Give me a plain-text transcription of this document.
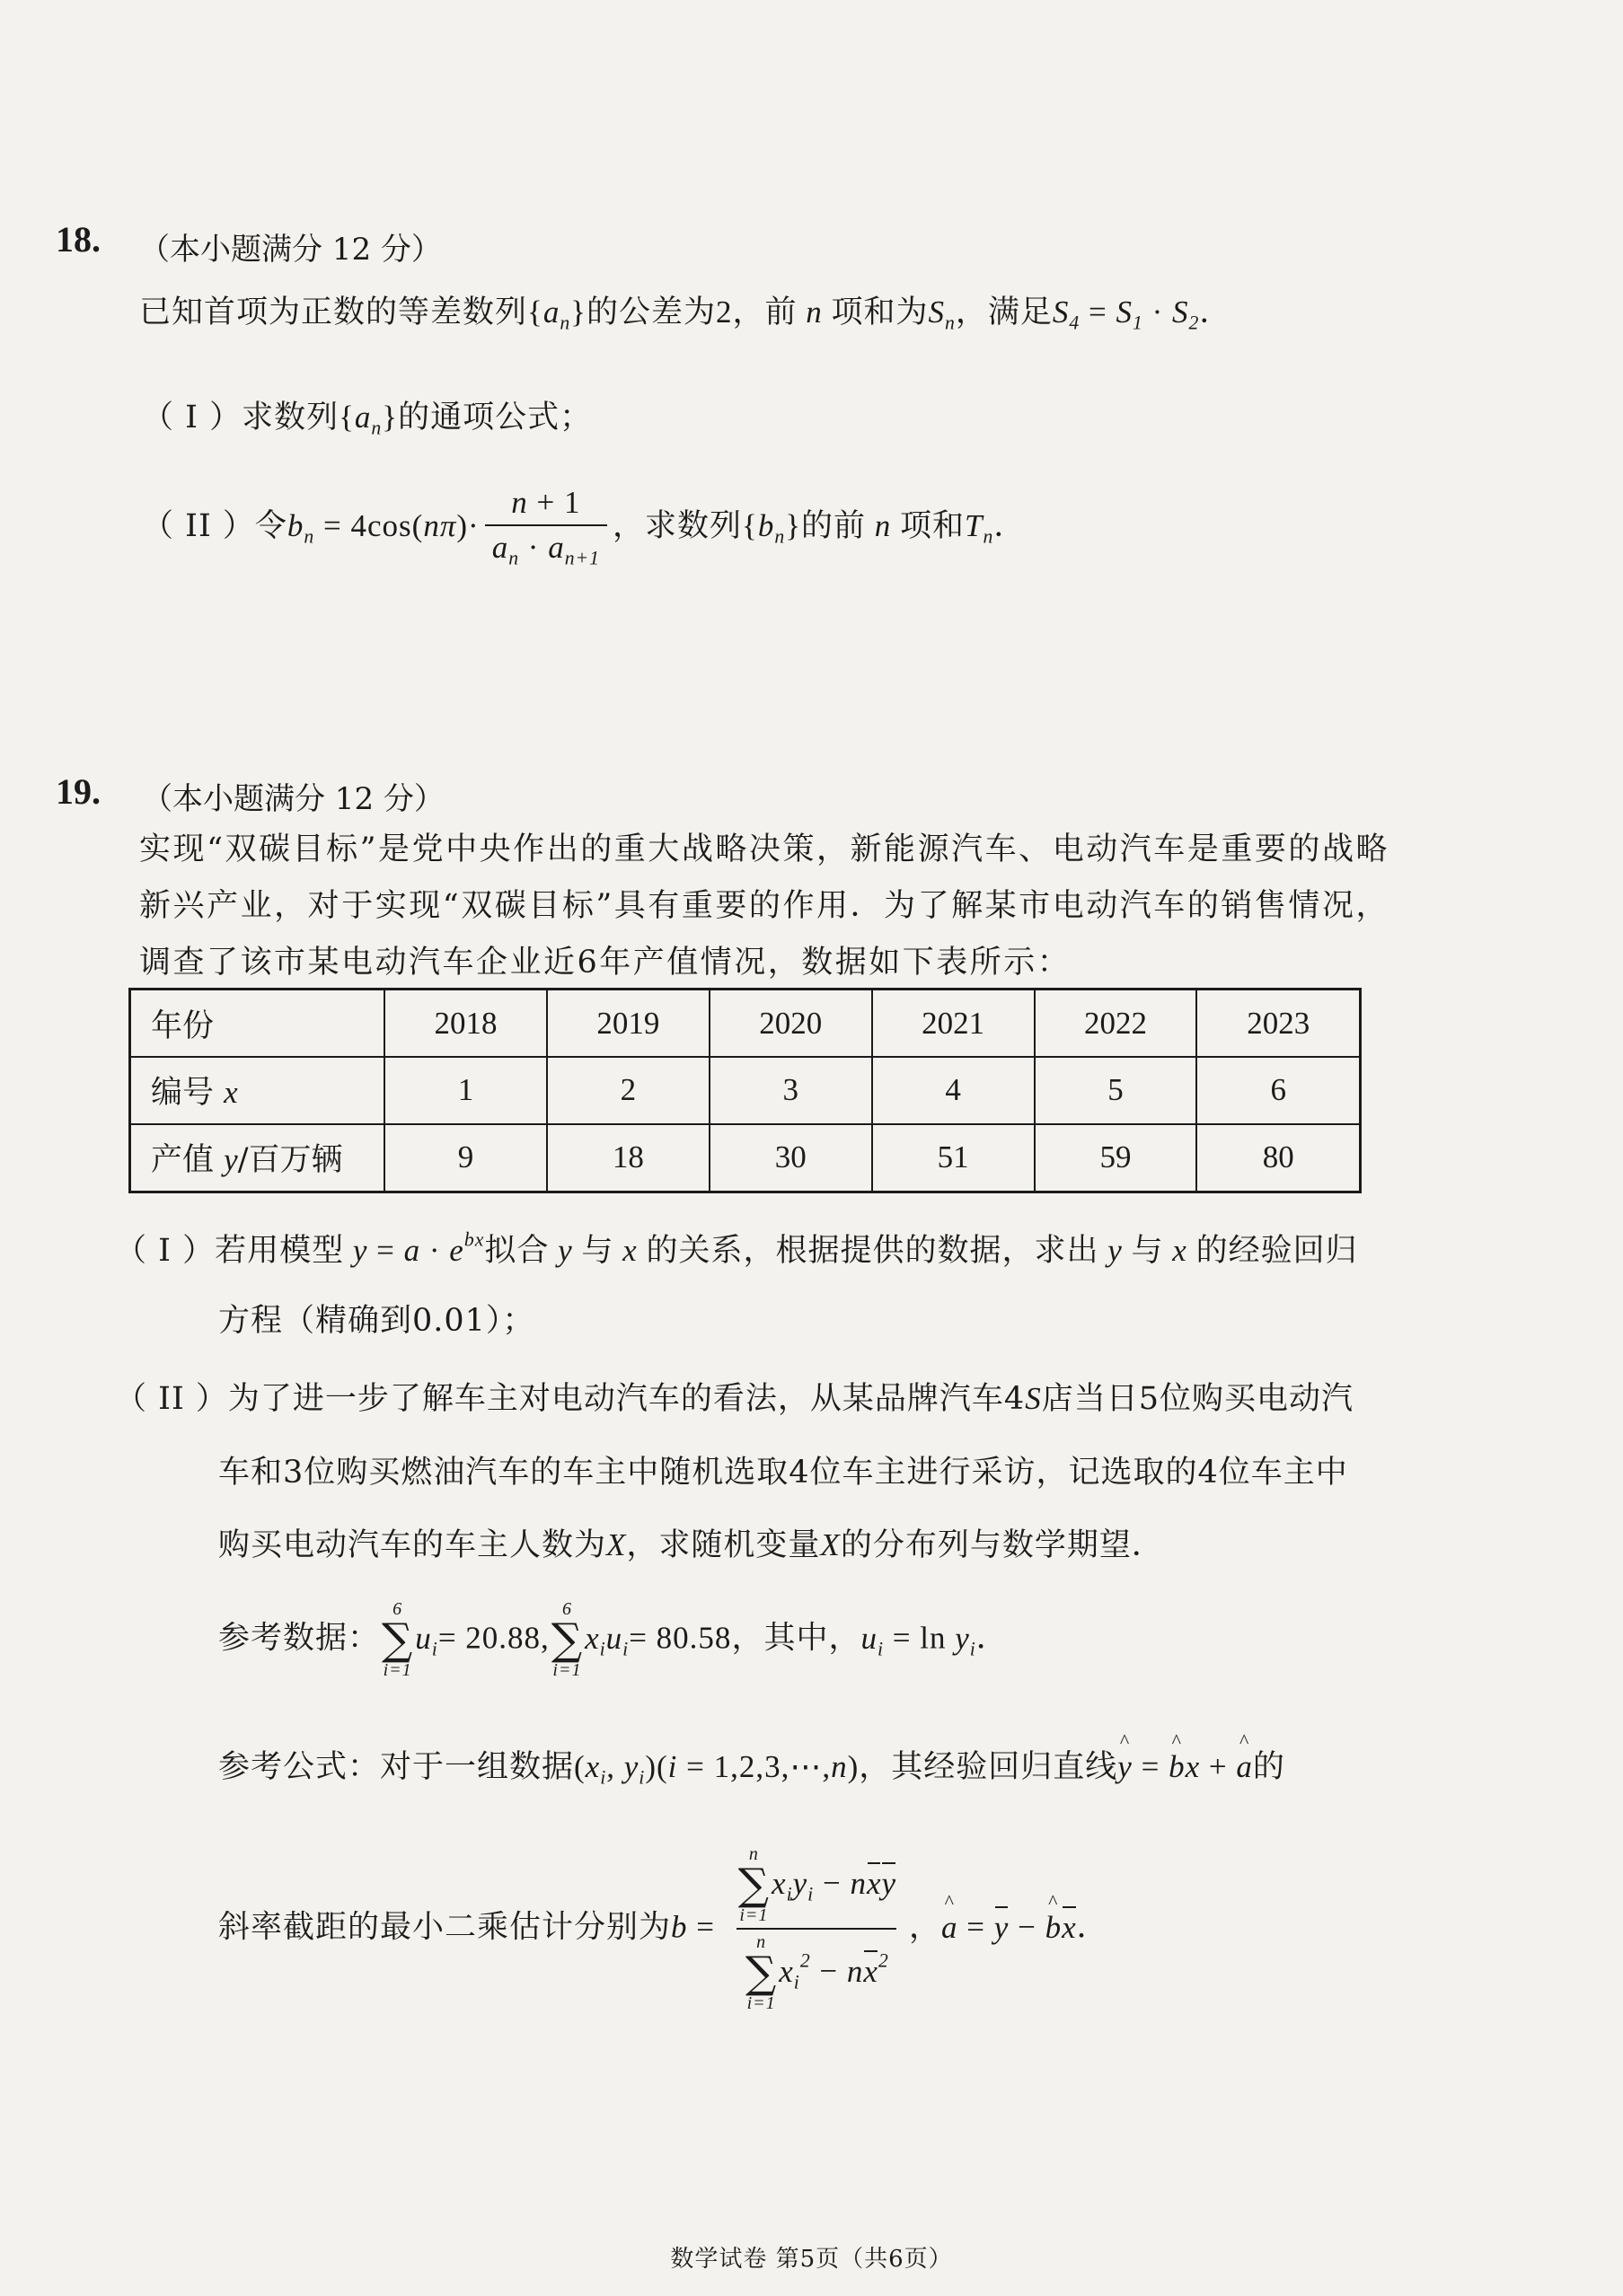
18. （本小题满分 12 分）
已知首项为正数的等差数列$\{a_n\}$的公差为2，前 n 项和为$S_n$，满足$S_4 = S_1 \cdot S_2$．
（ I ）求数列$\{a_n\}$的通项公式；
（ II ）令$b_n = 4\cos(n\pi)\cdot \frac{n + 1}{a_n \cdot a_{n+1}}$ ，求数列$\{b_n\}$的前 n 项和$T_n$．
19. （本小题满分 12 分）
实现“双碳目标”是党中央作出的重大战略决策，新能源汽车、电动汽车是重要的战略新兴产业，对于实现“双碳目标”具有重要的作用．为了解某市电动汽车的销售情况，调查了该市某电动汽车企业近6年产值情况，数据如下表所示：
年份	2018	2019	2020	2021	2022	2023
编号 x	1	2	3	4	5	6
产值 y/百万辆	9	18	30	51	59	80
（ I ）若用模型 $y = a \cdot e^{bx}$拟合 y 与 x 的关系，根据提供的数据，求出 y 与 x 的经验回归
方程（精确到0.01）；
（ II ）为了进一步了解车主对电动汽车的看法，从某品牌汽车4S店当日5位购买电动汽
车和3位购买燃油汽车的车主中随机选取4位车主进行采访，记选取的4位车主中
购买电动汽车的车主人数为X，求随机变量X的分布列与数学期望．
参考数据：
6
∑
i=1
$u_i= 20.88$,
6
∑
i=1
$x_iu_i= 80.58$，其中，$u_i = \ln y_i$．
参考公式：对于一组数据($x_i$, $y_i)(i$ = 1,2,3,⋯,n)，其经验回归直线^ y = ^ bx + ^ a的
斜率截距的最小二乘估计分别为b = n
∑
i=1
$x_iy_i$ − nxy
n
∑
i=1
$x_i^2 - nx^2$ ，^ a = y − ^ bx．
数学试卷 第5页（共6页）
